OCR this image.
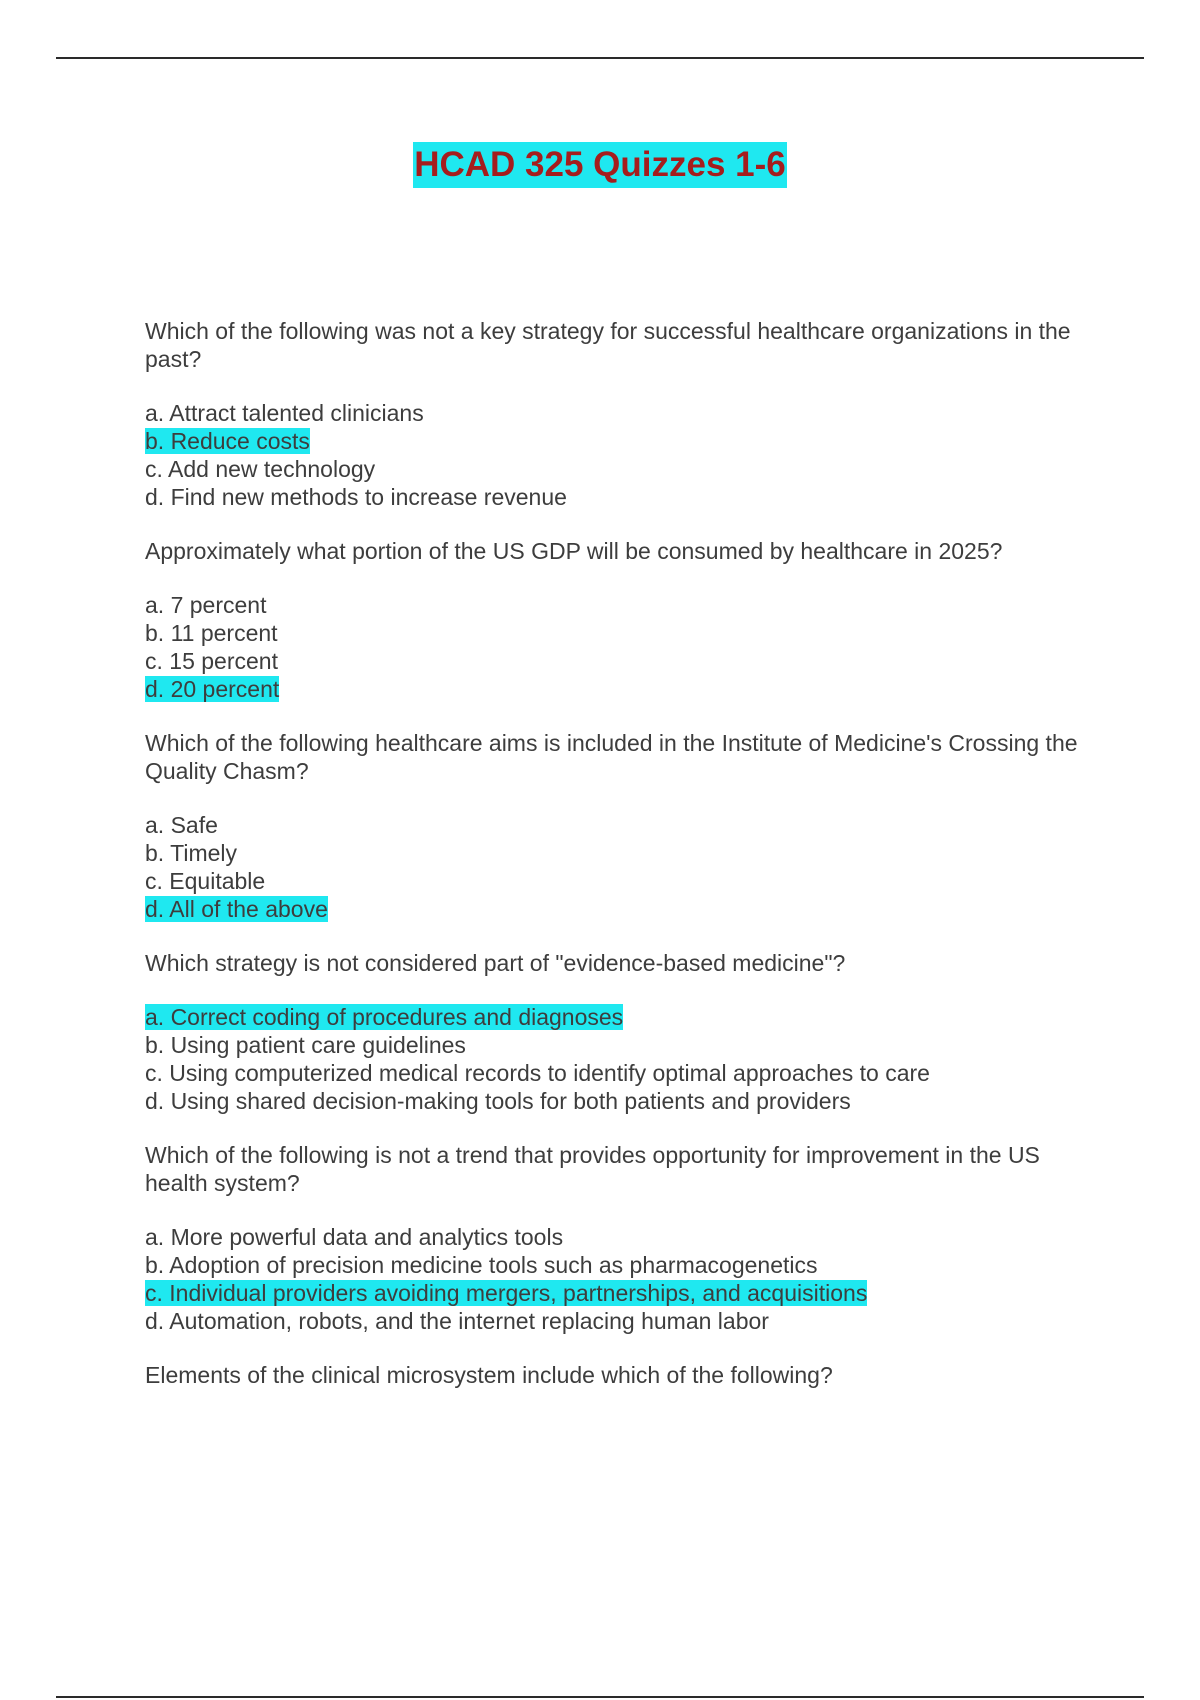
HCAD 325 Quizzes 1-6
Which of the following was not a key strategy for successful healthcare organizations in the past?
a. Attract talented clinicians
b. Reduce costs
c. Add new technology
d. Find new methods to increase revenue
Approximately what portion of the US GDP will be consumed by healthcare in 2025?
a. 7 percent
b. 11 percent
c. 15 percent
d. 20 percent
Which of the following healthcare aims is included in the Institute of Medicine's Crossing the Quality Chasm?
a. Safe
b. Timely
c. Equitable
d. All of the above
Which strategy is not considered part of "evidence-based medicine"?
a. Correct coding of procedures and diagnoses
b. Using patient care guidelines
c. Using computerized medical records to identify optimal approaches to care
d. Using shared decision-making tools for both patients and providers
Which of the following is not a trend that provides opportunity for improvement in the US health system?
a. More powerful data and analytics tools
b. Adoption of precision medicine tools such as pharmacogenetics
c. Individual providers avoiding mergers, partnerships, and acquisitions
d. Automation, robots, and the internet replacing human labor
Elements of the clinical microsystem include which of the following?
